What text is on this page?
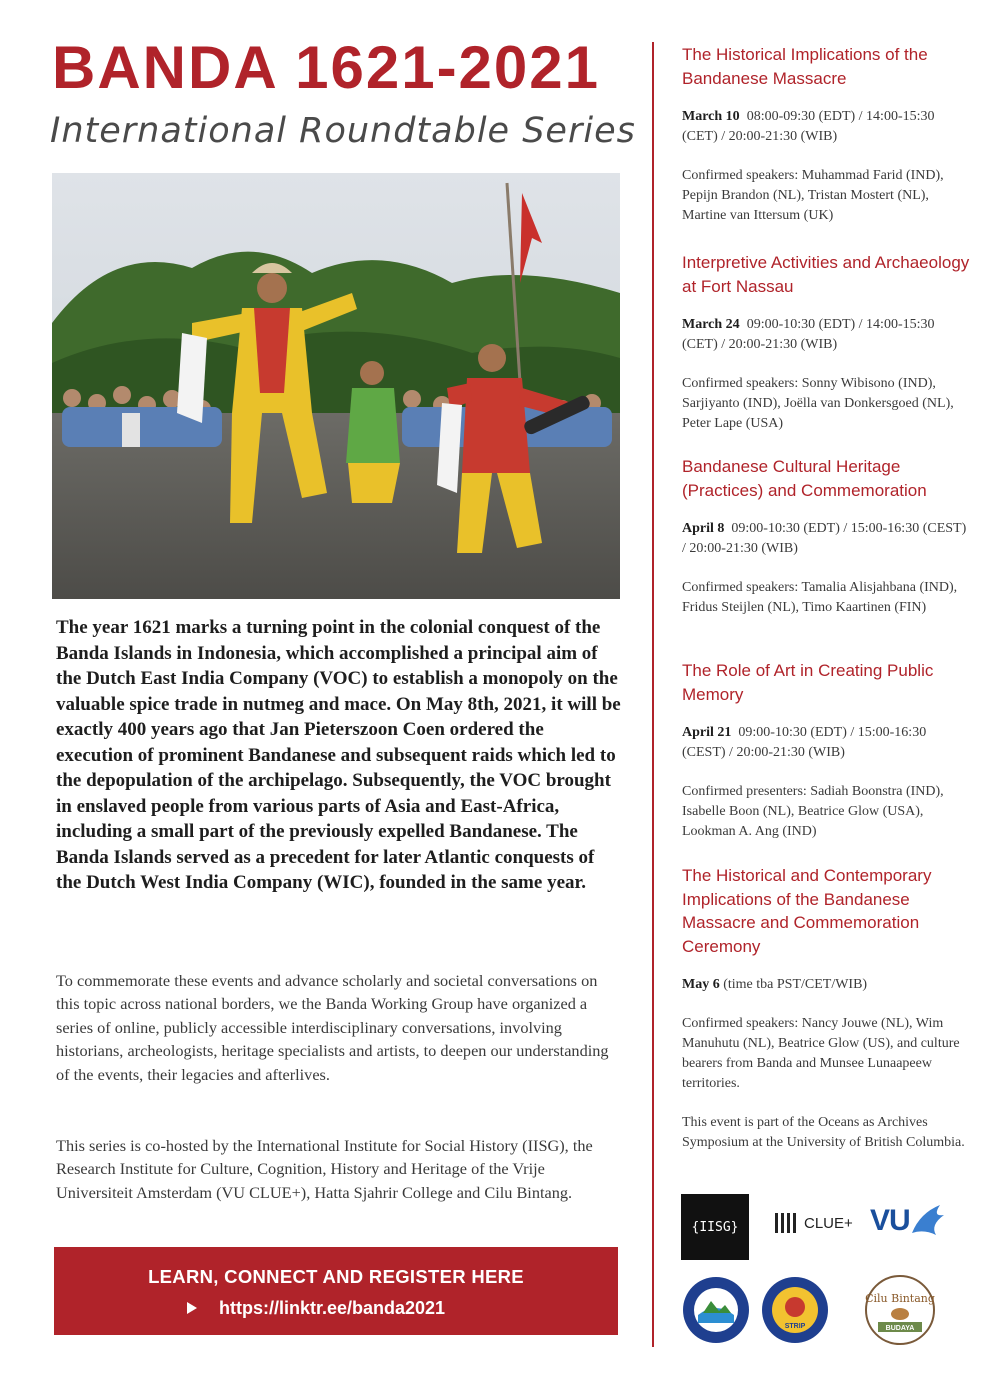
BANDA 1621-2021
International Roundtable Series

The year 1621 marks a turning point in the colonial conquest of the Banda Islands in Indonesia, which accomplished a principal aim of the Dutch East India Company (VOC) to establish a monopoly on the valuable spice trade in nutmeg and mace. On May 8th, 2021, it will be exactly 400 years ago that Jan Pieterszoon Coen ordered the execution of prominent Bandanese and subsequent raids which led to the depopulation of the archipelago. Subsequently, the VOC brought in enslaved people from various parts of Asia and East-Africa, including a small part of the previously expelled Bandanese. The Banda Islands served as a precedent for later Atlantic conquests of the Dutch West India Company (WIC), founded in the same year.

To commemorate these events and advance scholarly and societal conversations on this topic across national borders, we the Banda Working Group have organized a series of online, publicly accessible interdisciplinary conversations, involving historians, archeologists, heritage specialists and artists, to deepen our understanding of the events, their legacies and afterlives.

This series is co-hosted by the International Institute for Social History (IISG), the Research Institute for Culture, Cognition, History and Heritage of the Vrije Universiteit Amsterdam (VU CLUE+), Hatta Sjahrir College and Cilu Bintang.

LEARN, CONNECT AND REGISTER HERE
https://linktr.ee/banda2021

The Historical Implications of the Bandanese Massacre

March 10 08:00-09:30 (EDT) / 14:00-15:30 (CET) / 20:00-21:30 (WIB)

Confirmed speakers: Muhammad Farid (IND), Pepijn Brandon (NL), Tristan Mostert (NL), Martine van Ittersum (UK)

Interpretive Activities and Archaeology at Fort Nassau

March 24 09:00-10:30 (EDT) / 14:00-15:30 (CET) / 20:00-21:30 (WIB)

Confirmed speakers: Sonny Wibisono (IND), Sarjiyanto (IND), Joëlla van Donkersgoed (NL), Peter Lape (USA)

Bandanese Cultural Heritage (Practices) and Commemoration

April 8 09:00-10:30 (EDT) / 15:00-16:30 (CEST) / 20:00-21:30 (WIB)

Confirmed speakers: Tamalia Alisjahbana (IND), Fridus Steijlen (NL), Timo Kaartinen (FIN)

The Role of Art in Creating Public Memory

April 21 09:00-10:30 (EDT) / 15:00-16:30 (CEST) / 20:00-21:30 (WIB)

Confirmed presenters: Sadiah Boonstra (IND), Isabelle Boon (NL), Beatrice Glow (USA), Lookman A. Ang (IND)

The Historical and Contemporary Implications of the Bandanese Massacre and Commemoration Ceremony

May 6 (time tba PST/CET/WIB)

Confirmed speakers: Nancy Jouwe (NL), Wim Manuhutu (NL), Beatrice Glow (US), and culture bearers from Banda and Munsee Lunaapeew territories.

This event is part of the Oceans as Archives Symposium at the University of British Columbia.

{IISG}	CLUE+ VU
STRIP
Cilu Bintang
BUDAYA
